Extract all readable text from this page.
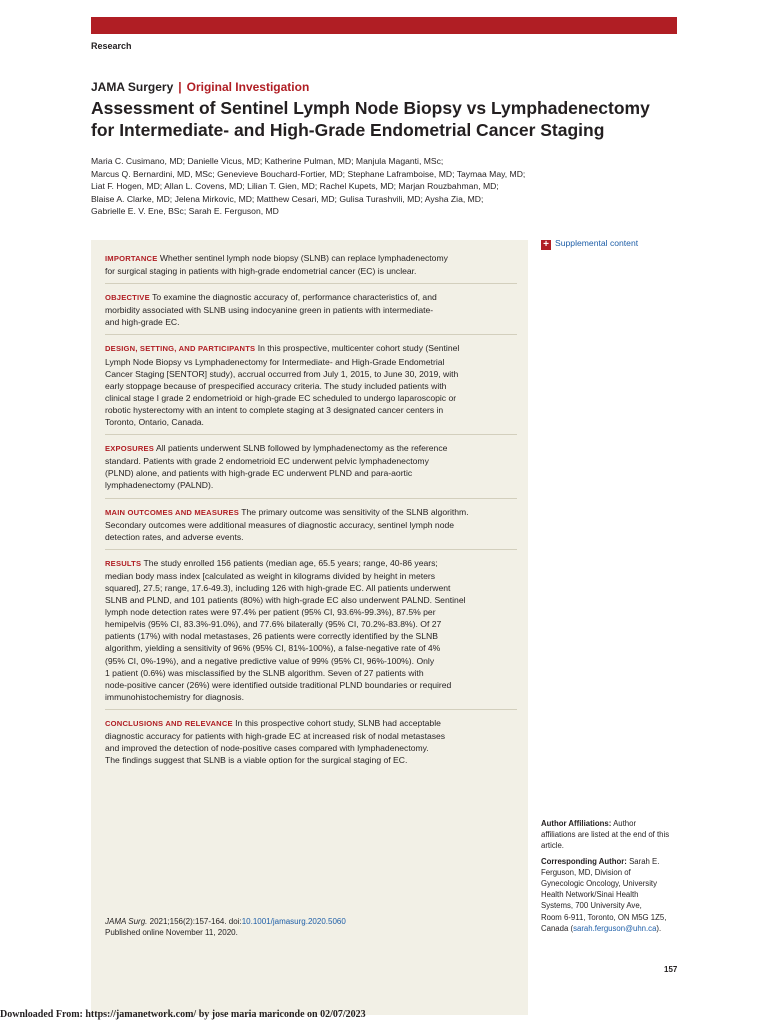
Research
JAMA Surgery | Original Investigation
Assessment of Sentinel Lymph Node Biopsy vs Lymphadenectomy
for Intermediate- and High-Grade Endometrial Cancer Staging
Maria C. Cusimano, MD; Danielle Vicus, MD; Katherine Pulman, MD; Manjula Maganti, MSc;
Marcus Q. Bernardini, MD, MSc; Genevieve Bouchard-Fortier, MD; Stephane Laframboise, MD; Taymaa May, MD;
Liat F. Hogen, MD; Allan L. Covens, MD; Lilian T. Gien, MD; Rachel Kupets, MD; Marjan Rouzbahman, MD;
Blaise A. Clarke, MD; Jelena Mirkovic, MD; Matthew Cesari, MD; Gulisa Turashvili, MD; Aysha Zia, MD;
Gabrielle E. V. Ene, BSc; Sarah E. Ferguson, MD
IMPORTANCE Whether sentinel lymph node biopsy (SLNB) can replace lymphadenectomy
for surgical staging in patients with high-grade endometrial cancer (EC) is unclear.
OBJECTIVE To examine the diagnostic accuracy of, performance characteristics of, and
morbidity associated with SLNB using indocyanine green in patients with intermediate-
and high-grade EC.
DESIGN, SETTING, AND PARTICIPANTS In this prospective, multicenter cohort study (Sentinel
Lymph Node Biopsy vs Lymphadenectomy for Intermediate- and High-Grade Endometrial
Cancer Staging [SENTOR] study), accrual occurred from July 1, 2015, to June 30, 2019, with
early stoppage because of prespecified accuracy criteria. The study included patients with
clinical stage I grade 2 endometrioid or high-grade EC scheduled to undergo laparoscopic or
robotic hysterectomy with an intent to complete staging at 3 designated cancer centers in
Toronto, Ontario, Canada.
EXPOSURES All patients underwent SLNB followed by lymphadenectomy as the reference
standard. Patients with grade 2 endometrioid EC underwent pelvic lymphadenectomy
(PLND) alone, and patients with high-grade EC underwent PLND and para-aortic
lymphadenectomy (PALND).
MAIN OUTCOMES AND MEASURES The primary outcome was sensitivity of the SLNB algorithm.
Secondary outcomes were additional measures of diagnostic accuracy, sentinel lymph node
detection rates, and adverse events.
RESULTS The study enrolled 156 patients (median age, 65.5 years; range, 40-86 years;
median body mass index [calculated as weight in kilograms divided by height in meters
squared], 27.5; range, 17.6-49.3), including 126 with high-grade EC. All patients underwent
SLNB and PLND, and 101 patients (80%) with high-grade EC also underwent PALND. Sentinel
lymph node detection rates were 97.4% per patient (95% CI, 93.6%-99.3%), 87.5% per
hemipelvis (95% CI, 83.3%-91.0%), and 77.6% bilaterally (95% CI, 70.2%-83.8%). Of 27
patients (17%) with nodal metastases, 26 patients were correctly identified by the SLNB
algorithm, yielding a sensitivity of 96% (95% CI, 81%-100%), a false-negative rate of 4%
(95% CI, 0%-19%), and a negative predictive value of 99% (95% CI, 96%-100%). Only
1 patient (0.6%) was misclassified by the SLNB algorithm. Seven of 27 patients with
node-positive cancer (26%) were identified outside traditional PLND boundaries or required
immunohistochemistry for diagnosis.
CONCLUSIONS AND RELEVANCE In this prospective cohort study, SLNB had acceptable
diagnostic accuracy for patients with high-grade EC at increased risk of nodal metastases
and improved the detection of node-positive cases compared with lymphadenectomy.
The findings suggest that SLNB is a viable option for the surgical staging of EC.
JAMA Surg. 2021;156(2):157-164. doi:10.1001/jamasurg.2020.5060
Published online November 11, 2020.
+ Supplemental content

Author Affiliations: Author
affiliations are listed at the end of this
article.

Corresponding Author: Sarah E.
Ferguson, MD, Division of
Gynecologic Oncology, University
Health Network/Sinai Health
Systems, 700 University Ave,
Room 6-911, Toronto, ON M5G 1Z5,
Canada (sarah.ferguson@uhn.ca).

157
Downloaded From: https://jamanetwork.com/ by jose maria mariconde on 02/07/2023
